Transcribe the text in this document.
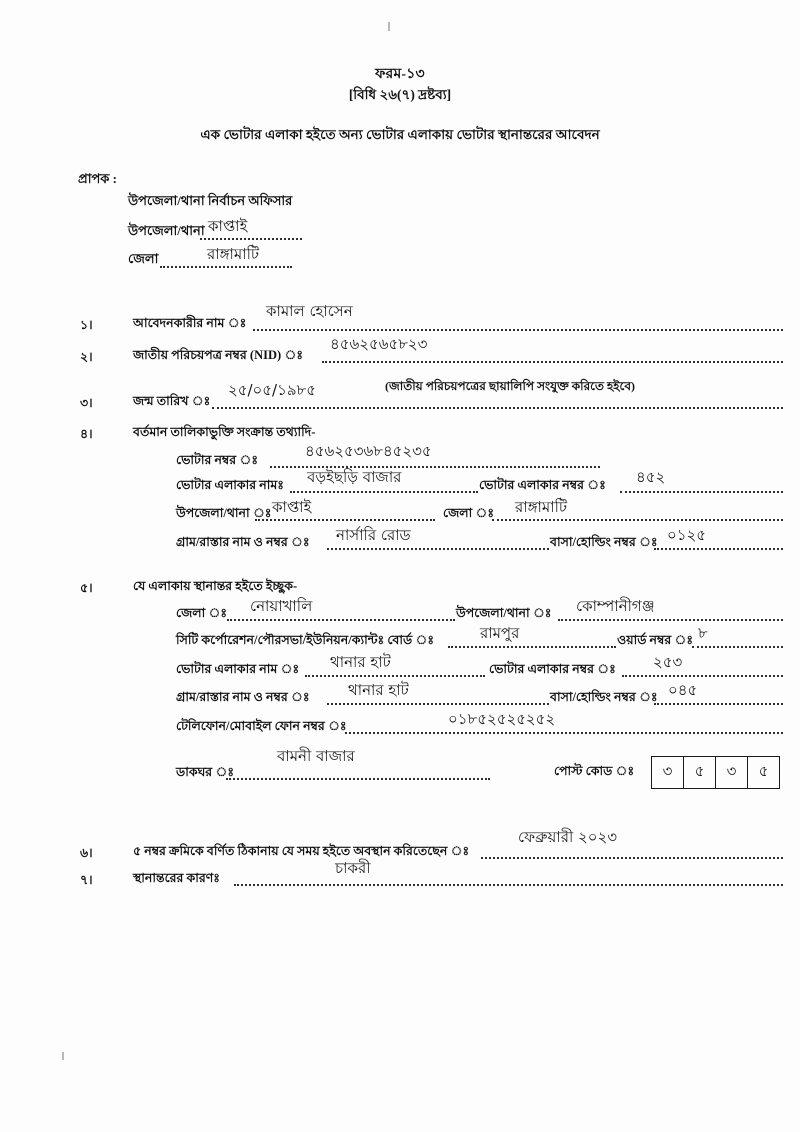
ফরম-১৩
[বিধি ২৬(৭) দ্রষ্টব্য]
এক ভোটার এলাকা হইতে অন্য ভোটার এলাকায় ভোটার স্থানান্তরের আবেদন
প্রাপক :
উপজেলা/থানা নির্বাচন অফিসার
উপজেলা/থানা কাপ্তাই
জেলা	রাঙ্গামাটি
১।	আবেদনকারীর নাম ঃ
কামাল হোসেন
২।	জাতীয় পরিচয়পত্র নম্বর (NID) ঃ
৪৫৬২৫৬৫৮২৩
(জাতীয় পরিচয়পত্রের ছায়ালিপি সংযুক্ত করিতে হইবে)
৩।	জন্ম তারিখ ঃ
২৫/০৫/১৯৮৫
৪।	বর্তমান তালিকাভুক্তি সংক্রান্ত তথ্যাদি-
ভোটার নম্বর ঃ	৪৫৬২৫৩৬৮৪৫২৩৫
ভোটার এলাকার নামঃ বড়ইছড়ি বাজার	ভোটার এলাকার নম্বর ঃ ৪৫২
উপজেলা/থানা ঃ কাপ্তাই	জেলা ঃ রাঙ্গামাটি
গ্রাম/রাস্তার নাম ও নম্বর ঃ নার্সারি রোড	বাসা/হোল্ডিং নম্বর ঃ ০১২৫
৫।	যে এলাকায় স্থানান্তর হইতে ইচ্ছুক-
জেলা ঃ নোয়াখালি	উপজেলা/থানা ঃ কোম্পানীগঞ্জ
সিটি কর্পোরেশন/পৌরসভা/ইউনিয়ন/ক্যান্টঃ বোর্ড ঃ	রামপুর	ওয়ার্ড নম্বর ঃ ৮
ভোটার এলাকার নাম ঃ থানার হাট	ভোটার এলাকার নম্বর ঃ ২৫৩
গ্রাম/রাস্তার নাম ও নম্বর ঃ	থানার হাট	বাসা/হোল্ডিং নম্বর ঃ ০৪৫
টেলিফোন/মোবাইল ফোন নম্বর ঃ	০১৮৫২৫২৫২৫২
ডাকঘর ঃ
বামনী বাজার
পোস্ট কোড ঃ	৩	৫	৩	৫
৬।	৫ নম্বর ক্রমিকে বর্ণিত ঠিকানায় যে সময় হইতে অবস্থান করিতেছেন ঃ
ফেব্রুয়ারী ২০২৩
৭।	স্থানান্তরের কারণঃ
চাকরী
